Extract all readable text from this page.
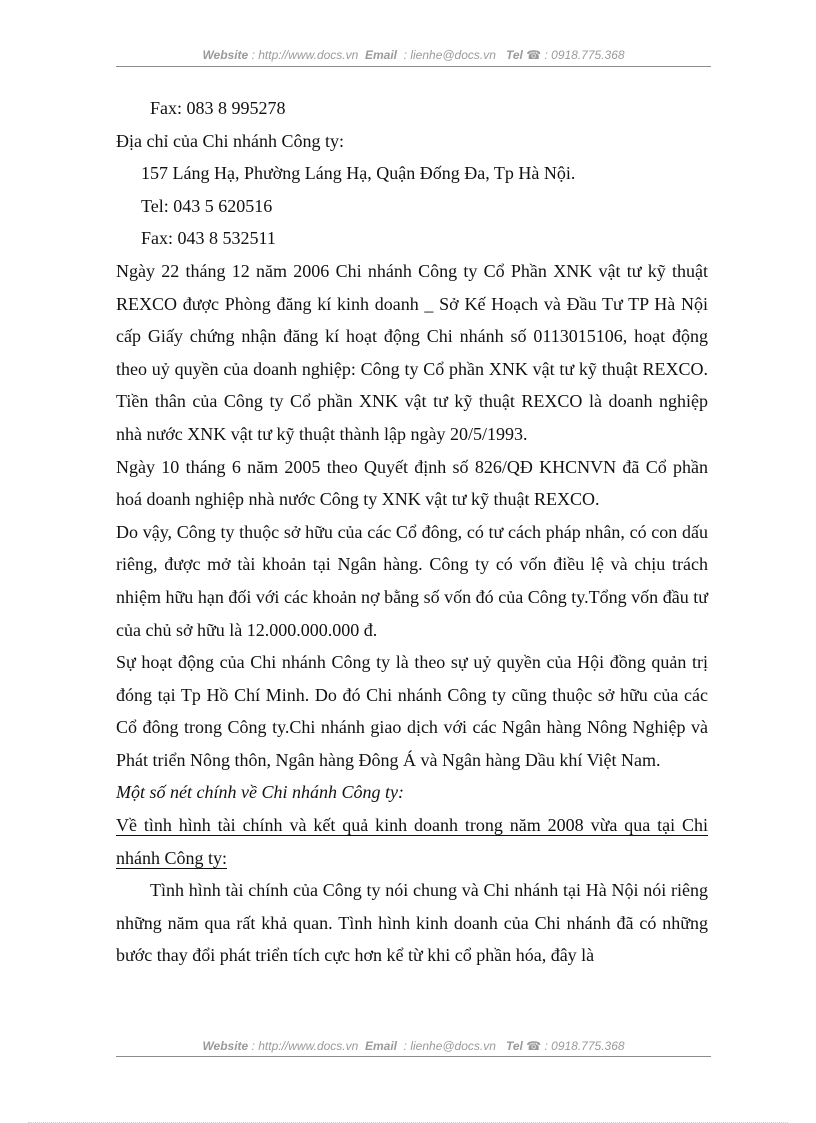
Website : http://www.docs.vn Email  : lienhe@docs.vn Tel ☎ : 0918.775.368

Fax: 083 8 995278

Địa chỉ của Chi nhánh Công ty:

157 Láng Hạ, Phường Láng Hạ, Quận Đống Đa, Tp Hà Nội.

Tel: 043 5 620516

Fax: 043 8 532511

Ngày 22 tháng 12 năm 2006 Chi nhánh Công ty Cổ Phần XNK vật tư kỹ thuật REXCO được Phòng đăng kí kinh doanh _ Sở Kế Hoạch và Đầu Tư TP Hà Nội cấp Giấy chứng nhận đăng kí hoạt động Chi nhánh số 0113015106, hoạt động theo uỷ quyền của doanh nghiệp: Công ty Cổ phần XNK vật tư kỹ thuật REXCO. Tiền thân của Công ty Cổ phần XNK vật tư kỹ thuật REXCO là doanh nghiệp nhà nước XNK vật tư kỹ thuật thành lập ngày 20/5/1993.

Ngày 10 tháng 6 năm 2005 theo Quyết định số 826/QĐ KHCNVN đã Cổ phần hoá doanh nghiệp nhà nước Công ty XNK vật tư kỹ thuật REXCO.

Do vậy, Công ty thuộc sở hữu của các Cổ đông, có tư cách pháp nhân, có con dấu riêng, được mở tài khoản tại Ngân hàng. Công ty có vốn điều lệ và chịu trách nhiệm hữu hạn đối với các khoản nợ bằng số vốn đó của Công ty.Tổng vốn đầu tư của chủ sở hữu là 12.000.000.000 đ.

Sự hoạt động của Chi nhánh Công ty là theo sự uỷ quyền của Hội đồng quản trị đóng tại Tp Hồ Chí Minh. Do đó Chi nhánh Công ty cũng thuộc sở hữu của các Cổ đông trong Công ty.Chi nhánh giao dịch với các Ngân hàng Nông Nghiệp và Phát triển Nông thôn, Ngân hàng Đông Á và Ngân hàng Dầu khí Việt Nam.

Một số nét chính về Chi nhánh Công ty:

Về tình hình tài chính và kết quả kinh doanh trong năm 2008 vừa qua tại Chi nhánh Công ty:

Tình hình tài chính của Công ty nói chung và Chi nhánh tại Hà Nội nói riêng những năm qua rất khả quan. Tình hình kinh doanh của Chi nhánh đã có những bước thay đổi phát triển tích cực hơn kể từ khi cổ phần hóa, đây là

Website : http://www.docs.vn Email  : lienhe@docs.vn Tel ☎ : 0918.775.368
